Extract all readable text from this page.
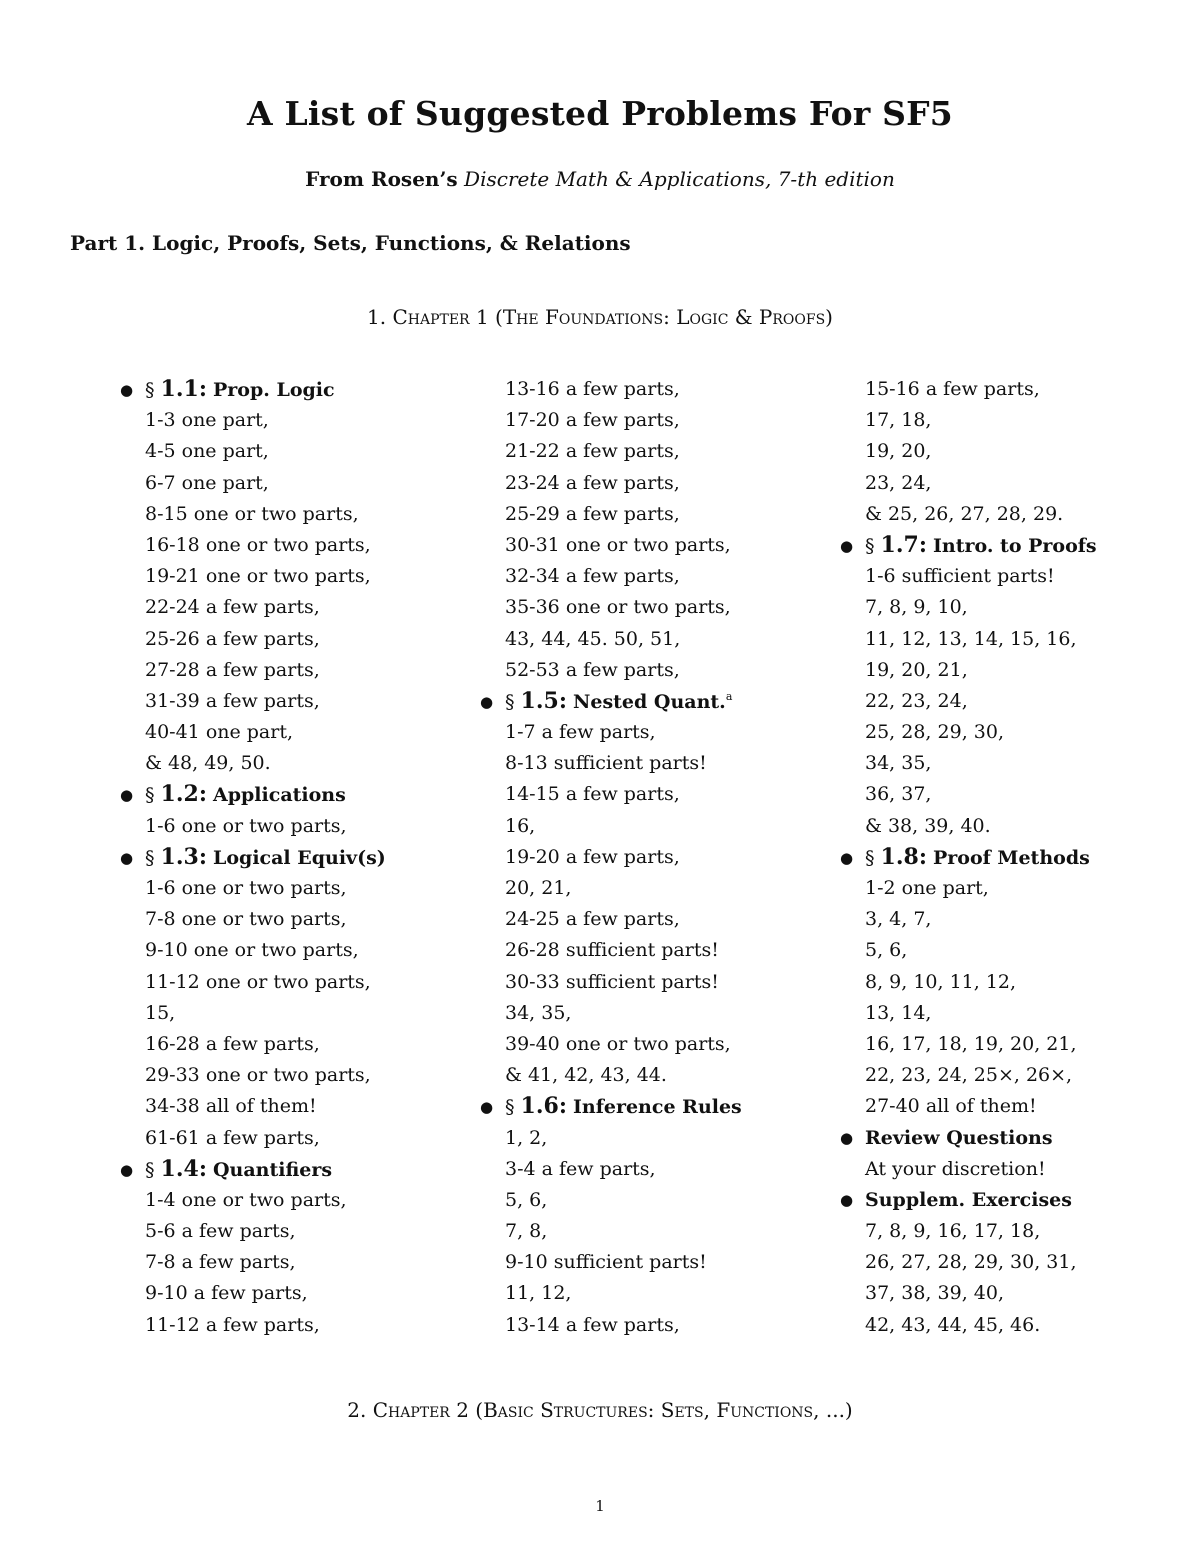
A List of Suggested Problems For SF5
From Rosen’s Discrete Math & Applications, 7-th edition
Part 1. Logic, Proofs, Sets, Functions, & Relations
1. Chapter 1 (The Foundations: Logic & Proofs)
● § 1.1: Prop. Logic
1-3 one part,
4-5 one part,
6-7 one part,
8-15 one or two parts,
16-18 one or two parts,
19-21 one or two parts,
22-24 a few parts,
25-26 a few parts,
27-28 a few parts,
31-39 a few parts,
40-41 one part,
& 48, 49, 50.
● § 1.2: Applications
1-6 one or two parts,
● § 1.3: Logical Equiv(s)
1-6 one or two parts,
7-8 one or two parts,
9-10 one or two parts,
11-12 one or two parts,
15,
16-28 a few parts,
29-33 one or two parts,
34-38 all of them!
61-61 a few parts,
● § 1.4: Quantifiers
1-4 one or two parts,
5-6 a few parts,
7-8 a few parts,
9-10 a few parts,
11-12 a few parts,
13-16 a few parts,
17-20 a few parts,
21-22 a few parts,
23-24 a few parts,
25-29 a few parts,
30-31 one or two parts,
32-34 a few parts,
35-36 one or two parts,
43, 44, 45. 50, 51,
52-53 a few parts,
● § 1.5: Nested Quant.$^a$
1-7 a few parts,
8-13 sufficient parts!
14-15 a few parts,
16,
19-20 a few parts,
20, 21,
24-25 a few parts,
26-28 sufficient parts!
30-33 sufficient parts!
34, 35,
39-40 one or two parts,
& 41, 42, 43, 44.
● § 1.6: Inference Rules
1, 2,
3-4 a few parts,
5, 6,
7, 8,
9-10 sufficient parts!
11, 12,
13-14 a few parts,
15-16 a few parts,
17, 18,
19, 20,
23, 24,
& 25, 26, 27, 28, 29.
● § 1.7: Intro. to Proofs
1-6 sufficient parts!
7, 8, 9, 10,
11, 12, 13, 14, 15, 16,
19, 20, 21,
22, 23, 24,
25, 28, 29, 30,
34, 35,
36, 37,
& 38, 39, 40.
● § 1.8: Proof Methods
1-2 one part,
3, 4, 7,
5, 6,
8, 9, 10, 11, 12,
13, 14,
16, 17, 18, 19, 20, 21,
22, 23, 24, 25×, 26×,
27-40 all of them!
● Review Questions
At your discretion!
● Supplem. Exercises
7, 8, 9, 16, 17, 18,
26, 27, 28, 29, 30, 31,
37, 38, 39, 40,
42, 43, 44, 45, 46.
2. Chapter 2 (Basic Structures: Sets, Functions, ...)
1
